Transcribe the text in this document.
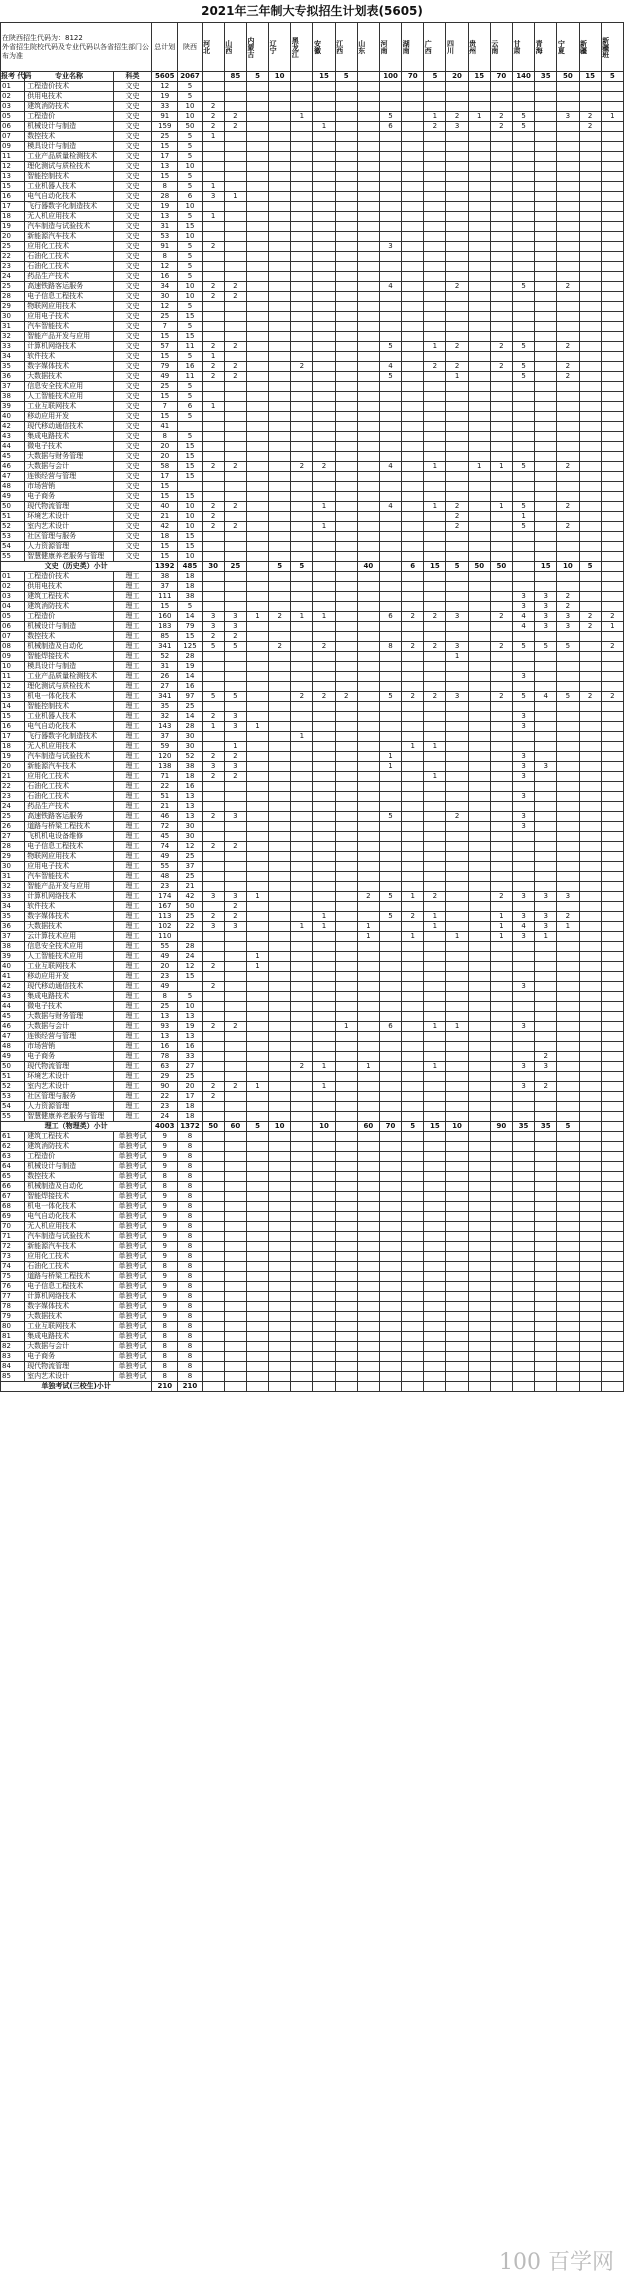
2021年三年制大专拟招生计划表(5605)
在陕西招生代码为：8122
外省招生院校代码及专业代码以各省招生部门公布为准			总计划	陕西	河北	山西	内蒙古	辽宁	黑龙江	安徽	江西	山东	河南	湖南	广西	四川	贵州	云南	甘肃	青海	宁夏	新疆	新疆班

报考 代码	专业名称	科类	5605	2067		85	5	10		15	5		100	70	5	20	15	70	140	35	50	15	5
01	工程造价技术	文史	12	5																			
02	供用电技术	文史	19	5																			
03	建筑消防技术	文史	33	10	2																		
05	工程造价	文史	91	10	2	2			1				5		1	2	1	2	5		3	2	1
06	机械设计与制造	文史	159	50	2	2				1			6		2	3		2	5			2	
07	数控技术	文史	25	5	1																		
09	模具设计与制造	文史	15	5																			
11	工业产品质量检测技术	文史	17	5																			
12	理化测试与质检技术	文史	13	10																			
13	智能控制技术	文史	15	5																			
15	工业机器人技术	文史	8	5	1																		
16	电气自动化技术	文史	28	6	3	1																	
17	飞行器数字化制造技术	文史	19	10																			
18	无人机应用技术	文史	13	5	1																		
19	汽车制造与试验技术	文史	31	15																			
20	新能源汽车技术	文史	53	10																			
25	应用化工技术	文史	91	5	2								3										
22	石油化工技术	文史	8	5																			
23	石油化工技术	文史	12	5																			
24	药品生产技术	文史	16	5																			
25	高速铁路客运服务	文史	34	10	2	2							4			2			5		2		
28	电子信息工程技术	文史	30	10	2	2																	
29	物联网应用技术	文史	12	5																			
30	应用电子技术	文史	25	15																			
31	汽车智能技术	文史	7	5																			
32	智能产品开发与应用	文史	15	15																			
33	计算机网络技术	文史	57	11	2	2							5		1	2		2	5		2		
34	软件技术	文史	15	5	1																		
35	数字媒体技术	文史	79	16	2	2			2				4		2	2		2	5		2		
36	大数据技术	文史	49	11	2	2							5			1			5		2		
37	信息安全技术应用	文史	25	5																			
38	人工智能技术应用	文史	15	5																			
39	工业互联网技术	文史	7	6	1																		
40	移动应用开发	文史	15	5																			
42	现代移动通信技术	文史	41																				
43	集成电路技术	文史	8	5																			
44	微电子技术	文史	20	15																			
45	大数据与财务管理	文史	20	15																			
46	大数据与会计	文史	58	15	2	2			2	2			4		1		1	1	5		2		
47	连锁经营与管理	文史	17	15																			
48	市场营销	文史	15																				
49	电子商务	文史	15	15																			
50	现代物流管理	文史	40	10	2	2				1			4		1	2		1	5		2		
51	环境艺术设计	文史	21	10	2											2			1				
52	室内艺术设计	文史	42	10	2	2				1						2			5		2		
53	社区管理与服务	文史	18	15																			
54	人力资源管理	文史	15	15																			
55	智慧健康养老服务与管理	文史	15	10																			
文史（历史类）小计			1392	485	30	25		5	5			40		6	15	5	50	50		15	10	5	
01	工程造价技术	理工	38	18																			
02	供用电技术	理工	37	18																			
03	建筑工程技术	理工	111	38															3	3	2		
04	建筑消防技术	理工	15	5															3	3	2		
05	工程造价	理工	160	14	3	3	1	2	1	1			6	2	2	3		2	4	3	3	2	2
06	机械设计与制造	理工	183	79	3	3													4	3	3	2	1
07	数控技术	理工	85	15	2	2																	
08	机械制造及自动化	理工	341	125	5	5		2		2			8	2	2	3		2	5	5	5		2
09	智能焊接技术	理工	52	28												1							
10	模具设计与制造	理工	31	19																			
11	工业产品质量检测技术	理工	26	14															3				
12	理化测试与质检技术	理工	27	16																			
13	机电一体化技术	理工	341	97	5	5			2	2	2		5	2	2	3		2	5	4	5	2	2
14	智能控制技术	理工	35	25																			
15	工业机器人技术	理工	32	14	2	3													3				
16	电气自动化技术	理工	143	28	1	3	1												3				
17	飞行器数字化制造技术	理工	37	30					1														
18	无人机应用技术	理工	59	30		1								1	1								
19	汽车制造与试验技术	理工	120	52	2	2							1						3				
20	新能源汽车技术	理工	138	38	3	3							1						3	3			
21	应用化工技术	理工	71	18	2	2									1				3				
22	石油化工技术	理工	22	16																			
23	石油化工技术	理工	51	13															3				
24	药品生产技术	理工	21	13																			
25	高速铁路客运服务	理工	46	13	2	3							5			2			3				
26	道路与桥梁工程技术	理工	72	30															3				
27	飞机机电设备维修	理工	45	30																			
28	电子信息工程技术	理工	74	12	2	2																	
29	物联网应用技术	理工	49	25																			
30	应用电子技术	理工	55	37																			
31	汽车智能技术	理工	48	25																			
32	智能产品开发与应用	理工	23	21																			
33	计算机网络技术	理工	174	42	3	3	1					2	5	1	2			2	3	3	3		
34	软件技术	理工	167	50		2																	
35	数字媒体技术	理工	113	25	2	2				1			5	2	1			1	3	3	2		
36	大数据技术	理工	102	22	3	3			1	1		1			1			1	4	3	1		
37	云计算技术应用	理工	110									1		1		1		1	3	1			
38	信息安全技术应用	理工	55	28																			
39	人工智能技术应用	理工	49	24			1																
40	工业互联网技术	理工	20	12	2		1																
41	移动应用开发	理工	23	15																			
42	现代移动通信技术	理工	49		2														3				
43	集成电路技术	理工	8	5																			
44	微电子技术	理工	25	10																			
45	大数据与财务管理	理工	13	13																			
46	大数据与会计	理工	93	19	2	2					1		6		1	1			3				
47	连锁经营与管理	理工	13	13																			
48	市场营销	理工	16	16																			
49	电子商务	理工	78	33																2			
50	现代物流管理	理工	63	27					2	1		1			1				3	3			
51	环境艺术设计	理工	29	25																			
52	室内艺术设计	理工	90	20	2	2	1			1									3	2			
53	社区管理与服务	理工	22	17	2																		
54	人力资源管理	理工	23	18																			
55	智慧健康养老服务与管理	理工	24	18																			
理工（物理类）小计			4003	1372	50	60	5	10		10		60	70	5	15	10		90	35	35	5		
61	建筑工程技术	单独考试	9	8																			
62	建筑消防技术	单独考试	9	8																			
63	工程造价	单独考试	9	8																			
64	机械设计与制造	单独考试	9	8																			
65	数控技术	单独考试	8	8																			
66	机械制造及自动化	单独考试	8	8																			
67	智能焊接技术	单独考试	9	8																			
68	机电一体化技术	单独考试	9	8																			
69	电气自动化技术	单独考试	9	8																			
70	无人机应用技术	单独考试	9	8																			
71	汽车制造与试验技术	单独考试	9	8																			
72	新能源汽车技术	单独考试	9	8																			
73	应用化工技术	单独考试	9	8																			
74	石油化工技术	单独考试	8	8																			
75	道路与桥梁工程技术	单独考试	9	8																			
76	电子信息工程技术	单独考试	9	8																			
77	计算机网络技术	单独考试	9	8																			
78	数字媒体技术	单独考试	9	8																			
79	大数据技术	单独考试	9	8																			
80	工业互联网技术	单独考试	8	8																			
81	集成电路技术	单独考试	8	8																			
82	大数据与会计	单独考试	8	8																			
83	电子商务	单独考试	8	8																			
84	现代物流管理	单独考试	8	8																			
85	室内艺术设计	单独考试	8	8																			
单独考试(三校生)小计			210	210																			
100 百学网
